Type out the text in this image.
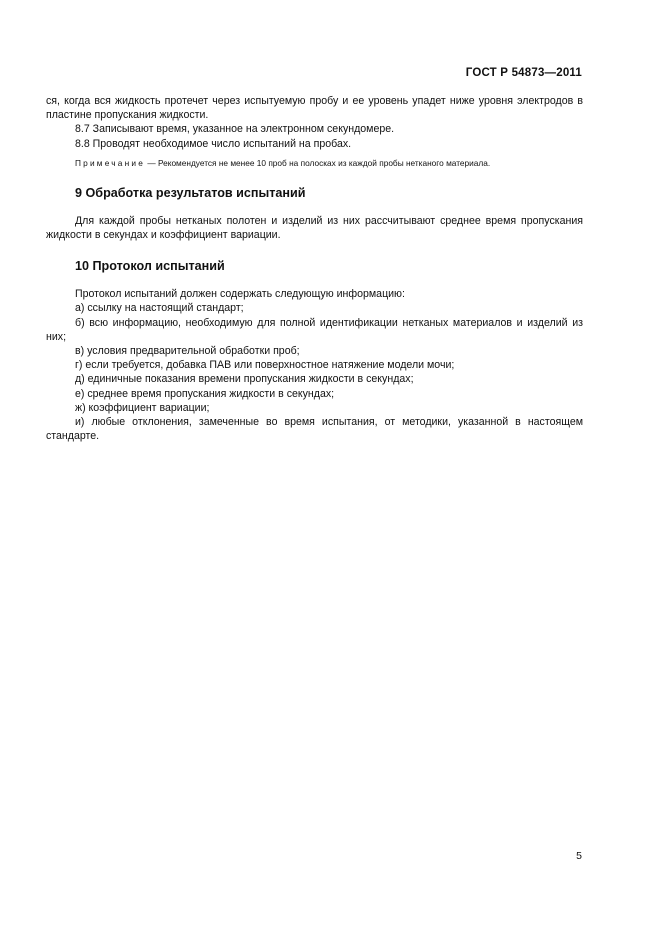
ГОСТ Р 54873—2011

ся, когда вся жидкость протечет через испытуемую пробу и ее уровень упадет ниже уровня электродов в пластине пропускания жидкости.

8.7 Записывают время, указанное на электронном секундомере.

8.8 Проводят необходимое число испытаний на пробах.

Примечание — Рекомендуется не менее 10 проб на полосках из каждой пробы нетканого материала.

9 Обработка результатов испытаний

Для каждой пробы нетканых полотен и изделий из них рассчитывают среднее время пропускания жидкости в секундах и коэффициент вариации.

10 Протокол испытаний

Протокол испытаний должен содержать следующую информацию:

а) ссылку на настоящий стандарт;

б) всю информацию, необходимую для полной идентификации нетканых материалов и изделий из них;

в) условия предварительной обработки проб;

г) если требуется, добавка ПАВ или поверхностное натяжение модели мочи;

д) единичные показания времени пропускания жидкости в секундах;

е) среднее время пропускания жидкости в секундах;

ж) коэффициент вариации;

и) любые отклонения, замеченные во время испытания, от методики, указанной в настоящем стандарте.

5
